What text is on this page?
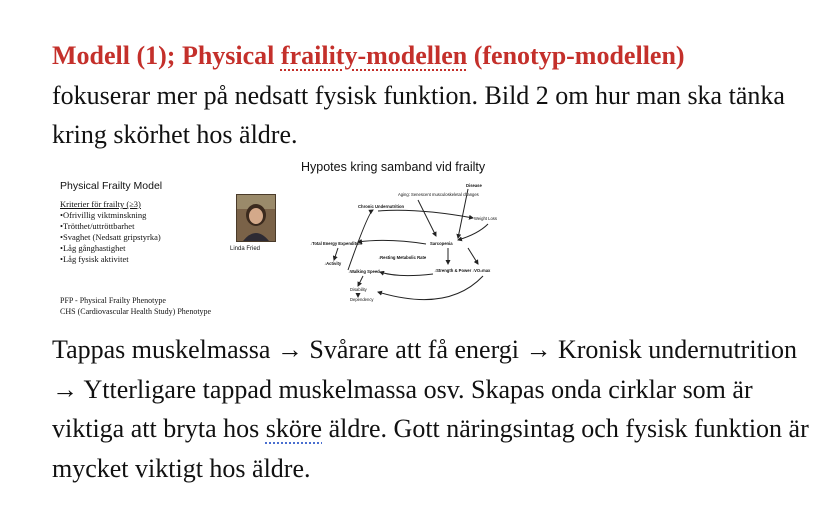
Modell (1); Physical fraility-modellen (fenotyp-modellen)
fokuserar mer på nedsatt fysisk funktion. Bild 2 om hur man ska tänka kring skörhet hos äldre.
Physical Frailty Model
Kriterier för frailty (≥3)
• Ofrivillig viktminskning
• Trötthet/uttröttbarhet
• Svaghet (Nedsatt gripstyrka)
• Låg gånghastighet
• Låg fysisk aktivitet
PFP - Physical Frailty Phenotype
CHS (Cardiovascular Health Study) Phenotype
Linda Fried
Hypotes kring samband vid frailty
Disease
Aging: Senescent musculoskeletal changes
Chronic Undernutrition
Weight Loss
Sarcopenia
↓Total Energy Expenditure
↓Resting Metabolic Rate
↓Activity
↓Walking Speed	↓Strength & Power ↓VO₂max
Disability
Dependency
Tappas muskelmassa → Svårare att få energi → Kronisk undernutrition → Ytterligare tappad muskelmassa osv. Skapas onda cirklar som är viktiga att bryta hos sköre äldre. Gott näringsintag och fysisk funktion är mycket viktigt hos äldre.
